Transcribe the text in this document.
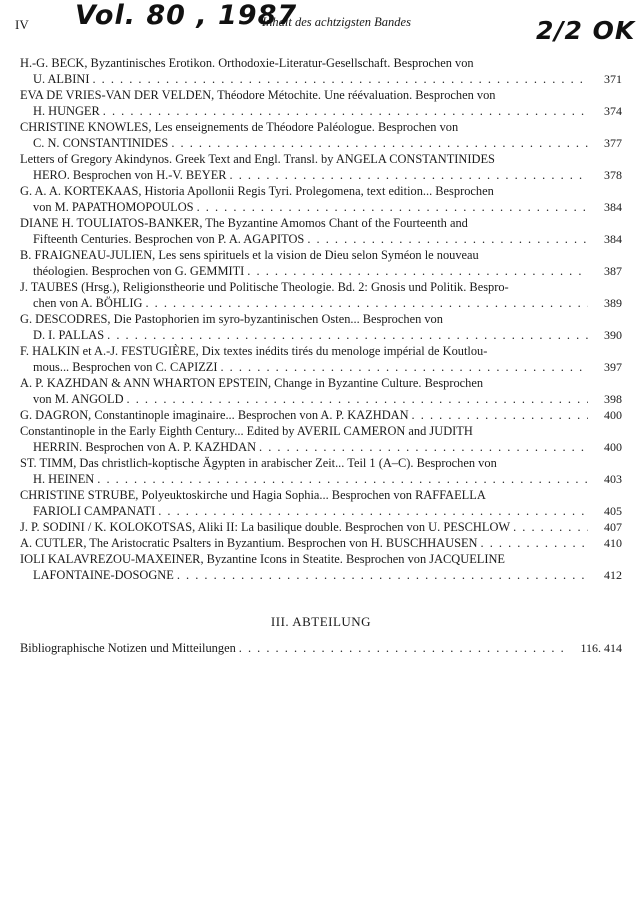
IV	Inhalt des achtzigsten Bandes
Vol. 80 , 1987	2/2 OK
H.-G. BECK, Byzantinisches Erotikon. Orthodoxie-Literatur-Gesellschaft. Besprochen von
U. ALBINI . . .	371
EVA DE VRIES-VAN DER VELDEN, Théodore Métochite. Une réévaluation. Besprochen von
H. HUNGER . . .	374
CHRISTINE KNOWLES, Les enseignements de Théodore Paléologue. Besprochen von
C. N. CONSTANTINIDES . . .	377
Letters of Gregory Akindynos. Greek Text and Engl. Transl. by ANGELA CONSTANTINIDES
HERO. Besprochen von H.-V. BEYER . . .	378
G. A. A. KORTEKAAS, Historia Apollonii Regis Tyri. Prolegomena, text edition... Besprochen
von M. PAPATHOMOPOULOS . . .	384
DIANE H. TOULIATOS-BANKER, The Byzantine Amomos Chant of the Fourteenth and
Fifteenth Centuries. Besprochen von P. A. AGAPITOS . . .	384
B. FRAIGNEAU-JULIEN, Les sens spirituels et la vision de Dieu selon Syméon le nouveau
théologien. Besprochen von G. GEMMITI . . .	387
J. TAUBES (Hrsg.), Religionstheorie und Politische Theologie. Bd. 2: Gnosis und Politik. Bespro-
chen von A. BÖHLIG . . .	389
G. DESCODRES, Die Pastophorien im syro-byzantinischen Osten... Besprochen von
D. I. PALLAS . . .	390
F. HALKIN et A.-J. FESTUGIÈRE, Dix textes inédits tirés du menologe impérial de Koutlou-
mous... Besprochen von C. CAPIZZI . . .	397
A. P. KAZHDAN & ANN WHARTON EPSTEIN, Change in Byzantine Culture. Besprochen
von M. ANGOLD . . .	398
G. DAGRON, Constantinople imaginaire... Besprochen von A. P. KAZHDAN . . .	400
Constantinople in the Early Eighth Century... Edited by AVERIL CAMERON and JUDITH
HERRIN. Besprochen von A. P. KAZHDAN . . .	400
ST. TIMM, Das christlich-koptische Ägypten in arabischer Zeit... Teil 1 (A–C). Besprochen von
H. HEINEN . . .	403
CHRISTINE STRUBE, Polyeuktoskirche und Hagia Sophia... Besprochen von RAFFAELLA
FARIOLI CAMPANATI . . .	405
J. P. SODINI / K. KOLOKOTSAS, Aliki II: La basilique double. Besprochen von U. PESCHLOW . . .	407
A. CUTLER, The Aristocratic Psalters in Byzantium. Besprochen von H. BUSCHHAUSEN . . .	410
IOLI KALAVREZOU-MAXEINER, Byzantine Icons in Steatite. Besprochen von JACQUELINE
LAFONTAINE-DOSOGNE . . .	412
III. ABTEILUNG
Bibliographische Notizen und Mitteilungen . . .	116. 414
